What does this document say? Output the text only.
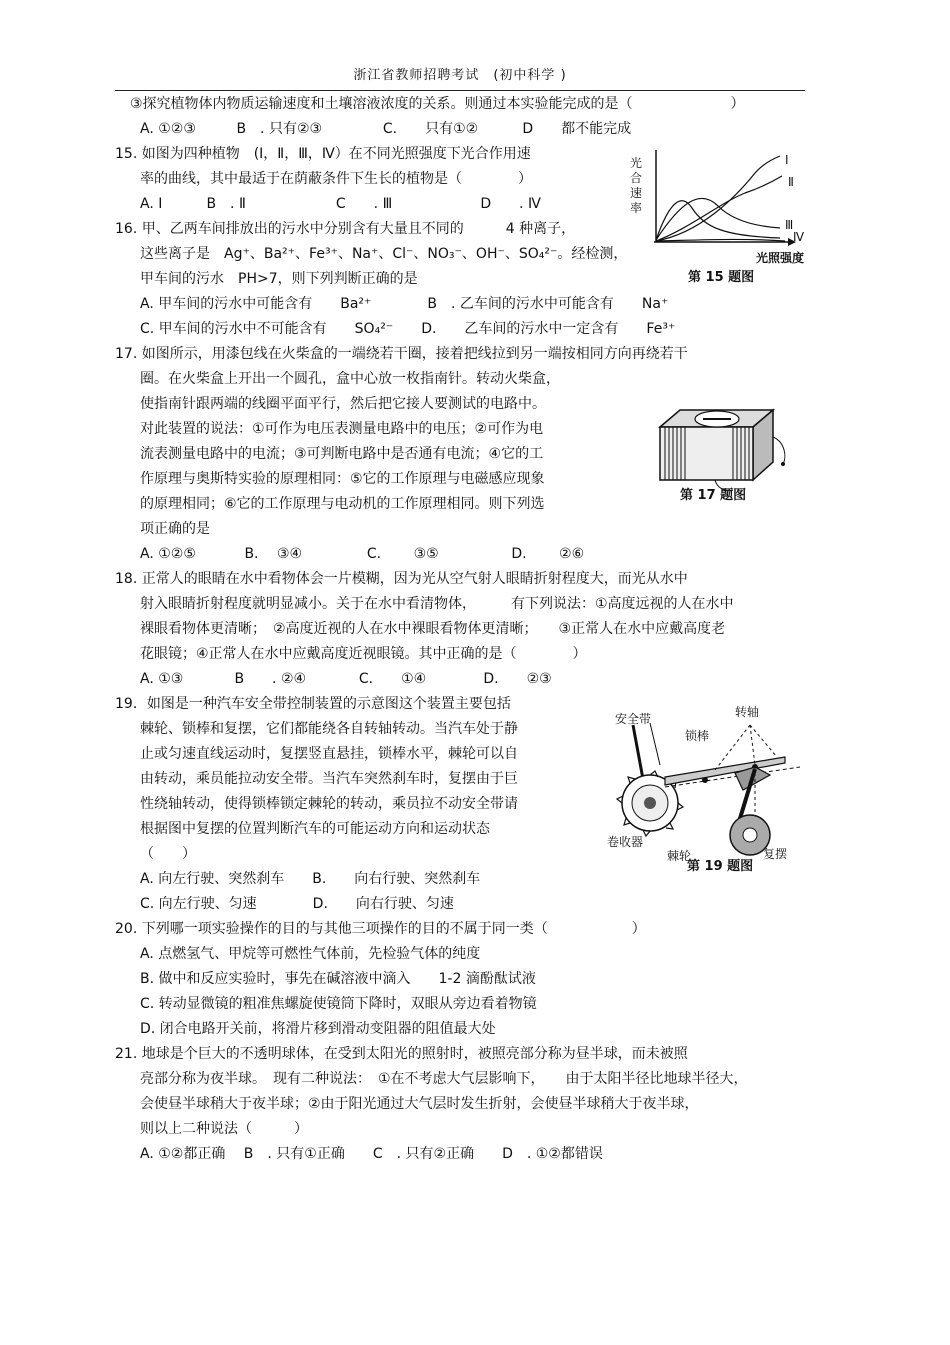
浙江省教师招聘考试　(初中科学 )
③探究植物体内物质运输速度和土壤溶液浓度的关系。则通过本实验能完成的是（　　　　　　　）
A. ①②③	B　. 只有②③	C.　　只有①②	D　　都不能完成
15. 如图为四种植物　(Ⅰ，Ⅱ，Ⅲ，Ⅳ）在不同光照强度下光合作用速
率的曲线，其中最适于在荫蔽条件下生长的植物是（　　　　）
A. Ⅰ	B　. Ⅱ	C　　. Ⅲ	D　　. Ⅳ
光
合
速
率
Ⅰ
Ⅱ
Ⅲ
Ⅳ
光照强度
第 15 题图
16. 甲、乙两车间排放出的污水中分别含有大量且不同的　　　4 种离子，
这些离子是　Ag⁺、Ba²⁺、Fe³⁺、Na⁺、Cl⁻、NO₃⁻、OH⁻、SO₄²⁻。经检测，
甲车间的污水　PH>7，则下列判断正确的是
A. 甲车间的污水中可能含有　　Ba²⁺　　　　B　. 乙车间的污水中可能含有　　Na⁺
C. 甲车间的污水中不可能含有　　SO₄²⁻　　D.　　乙车间的污水中一定含有　　Fe³⁺
17. 如图所示，用漆包线在火柴盒的一端绕若干圈，接着把线拉到另一端按相同方向再绕若干
圈。在火柴盒上开出一个圆孔，盒中心放一枚指南针。转动火柴盒，
使指南针跟两端的线圈平面平行，然后把它接人要测试的电路中。
对此装置的说法：①可作为电压表测量电路中的电压；②可作为电
流表测量电路中的电流；③可判断电路中是否通有电流；④它的工
作原理与奥斯特实验的原理相同：⑤它的工作原理与电磁感应现象
的原理相同；⑥它的工作原理与电动机的工作原理相同。则下列选
项正确的是
A. ①②⑤	B.　 ③④	C.　　 ③⑤	D.　　 ②⑥
第 17 题图
18. 正常人的眼睛在水中看物体会一片模糊，因为光从空气射人眼睛折射程度大，而光从水中
射入眼睛折射程度就明显减小。关于在水中看清物体，　　　有下列说法：①高度远视的人在水中
裸眼看物体更清晰；　②高度近视的人在水中裸眼看物体更清晰；　　③正常人在水中应戴高度老
花眼镜；④正常人在水中应戴高度近视眼镜。其中正确的是（　　　　）
A. ①③	B　　. ②④	C.　　①④	D.　　②③
19．如图是一种汽车安全带控制装置的示意图这个装置主要包括
棘轮、锁棒和复摆，它们都能绕各自转轴转动。当汽车处于静
止或匀速直线运动时，复摆竖直悬挂，锁棒水平，棘轮可以自
由转动，乘员能拉动安全带。当汽车突然刹车时，复摆由于巨
性绕轴转动，使得锁棒锁定棘轮的转动，乘员拉不动安全带请
根据图中复摆的位置判断汽车的可能运动方向和运动状态
（　　）
A. 向左行驶、突然刹车　　B.　　向右行驶、突然刹车
C. 向左行驶、匀速　　　　D.　　向右行驶、匀速
安全带	转轴
锁棒
卷收器
棘轮	复摆
第 19 题图
20. 下列哪一项实验操作的目的与其他三项操作的目的不属于同一类（　　　　　　）
A. 点燃氢气、甲烷等可燃性气体前，先检验气体的纯度
B. 做中和反应实验时，事先在碱溶液中滴入　　1-2 滴酚酞试液
C. 转动显微镜的粗准焦螺旋使镜筒下降时，双眼从旁边看着物镜
D. 闭合电路开关前，将滑片移到滑动变阻器的阻值最大处
21. 地球是个巨大的不透明球体，在受到太阳光的照射时，被照亮部分称为昼半球，而未被照
亮部分称为夜半球。　现有二种说法：　①在不考虑大气层影响下，　　由于太阳半径比地球半径大，
会使昼半球稍大于夜半球；②由于阳光通过大气层时发生折射，会使昼半球稍大于夜半球，
则以上二种说法（　　　）
A. ①②都正确　 B　. 只有①正确　　C　. 只有②正确　　D　. ①②都错误
